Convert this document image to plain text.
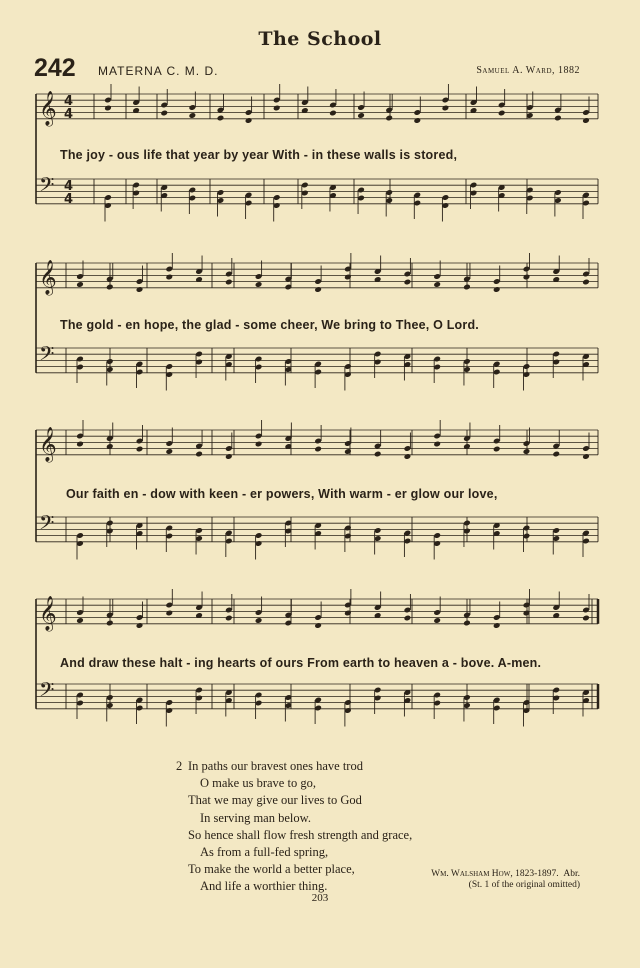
The School
242 MATERNA C. M. D.	Samuel A. Ward, 1882
𝄞
𝄢
4
4
4
4
𝄞
𝄢
𝄞
𝄢
𝄞
𝄢
The joy - ous life that year by year With - in these walls is stored,
The gold - en hope, the glad - some cheer, We bring to Thee, O Lord.
Our faith en - dow with keen - er powers, With warm - er glow our love,
And draw these halt - ing hearts of ours From earth to heaven a - bove. A-men.
2 In paths our bravest ones have trod
O make us brave to go,
That we may give our lives to God
In serving man below.
So hence shall flow fresh strength and grace,
As from a full-fed spring,
To make the world a better place,
And life a worthier thing.
Wm. Walsham How, 1823-1897. Abr.
(St. 1 of the original omitted)
203
